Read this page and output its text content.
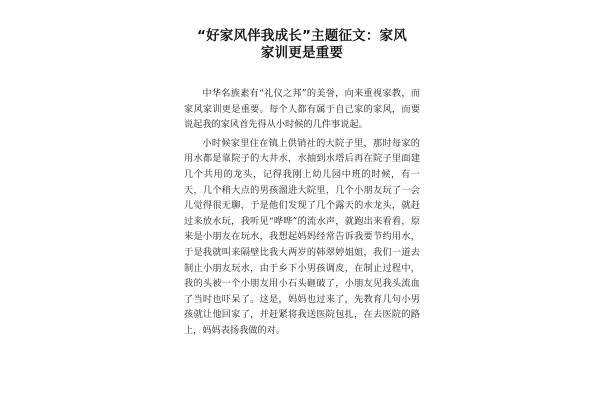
“好家风伴我成长”主题征文：家风
家训更是重要

中华名族素有“礼仪之邦”的美誉，向来重视家教，而家风家训更是重要。每个人都有属于自己家的家风，而要说起我的家风首先得从小时候的几件事说起。

小时候家里住在镇上供销社的大院子里，那时每家的用水都是靠院子的大井水，水抽到水塔后再在院子里面建几个共用的龙头，记得我刚上幼儿园中班的时候，有一天，几个稍大点的男孩溜进大院里，几个小朋友玩了一会儿觉得很无聊，于是他们发现了几个露天的水龙头，就赶过来放水玩，我听见“哗哗”的流水声，就跑出来看看，原来是小朋友在玩水，我想起妈妈经常告诉我要节约用水，于是我就叫来隔壁比我大两岁的韩翠婷姐姐，我们一道去制止小朋友玩水，由于乡下小男孩调皮，在制止过程中，我的头被一个小朋友用小石头砸破了，小朋友见我头流血了当时也吓呆了。这是，妈妈也过来了，先教育几句小男孩就让他回家了，并赶紧将我送医院包扎，在去医院的路上，妈妈表扬我做的对。
